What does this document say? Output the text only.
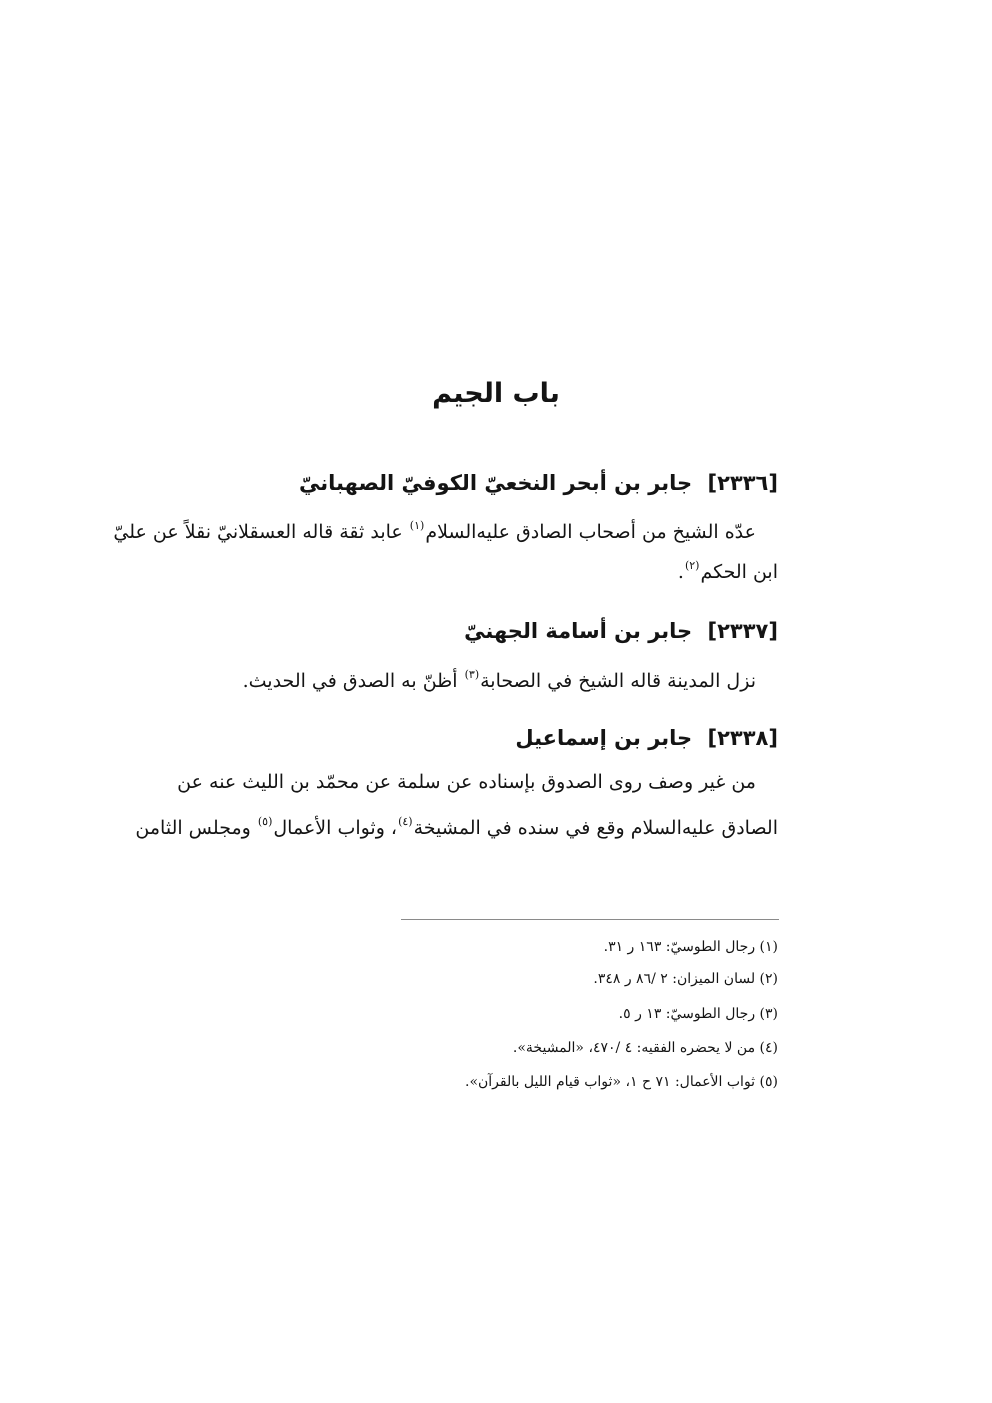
باب الجيم
[٢٣٣٦] جابر بن أبحر النخعيّ الكوفيّ الصهبانيّ
عدّه الشيخ من أصحاب الصادق عليه‌السلام$^{(١)}$ عابد ثقة قاله العسقلانيّ نقلاً عن عليّ
ابن الحكم$^{(٢)}$.
[٢٣٣٧] جابر بن أسامة الجهنيّ
نزل المدينة قاله الشيخ في الصحابة$^{(٣)}$ أظنّ به الصدق في الحديث.
[٢٣٣٨] جابر بن إسماعيل
من غير وصف روى الصدوق بإسناده عن سلمة عن محمّد بن الليث عنه عن
الصادق عليه‌السلام وقع في سنده في المشيخة$^{(٤)}$، وثواب الأعمال$^{(٥)}$ ومجلس الثامن
(١) رجال الطوسيّ: ١٦٣ ر ٣١.
(٢) لسان الميزان: ٢ /٨٦ ر ٣٤٨.
(٣) رجال الطوسيّ: ١٣ ر ٥.
(٤) من لا يحضره الفقيه: ٤ /٤٧٠، «المشيخة».
(٥) ثواب الأعمال: ٧١ ح ١، «ثواب قيام الليل بالقرآن».
